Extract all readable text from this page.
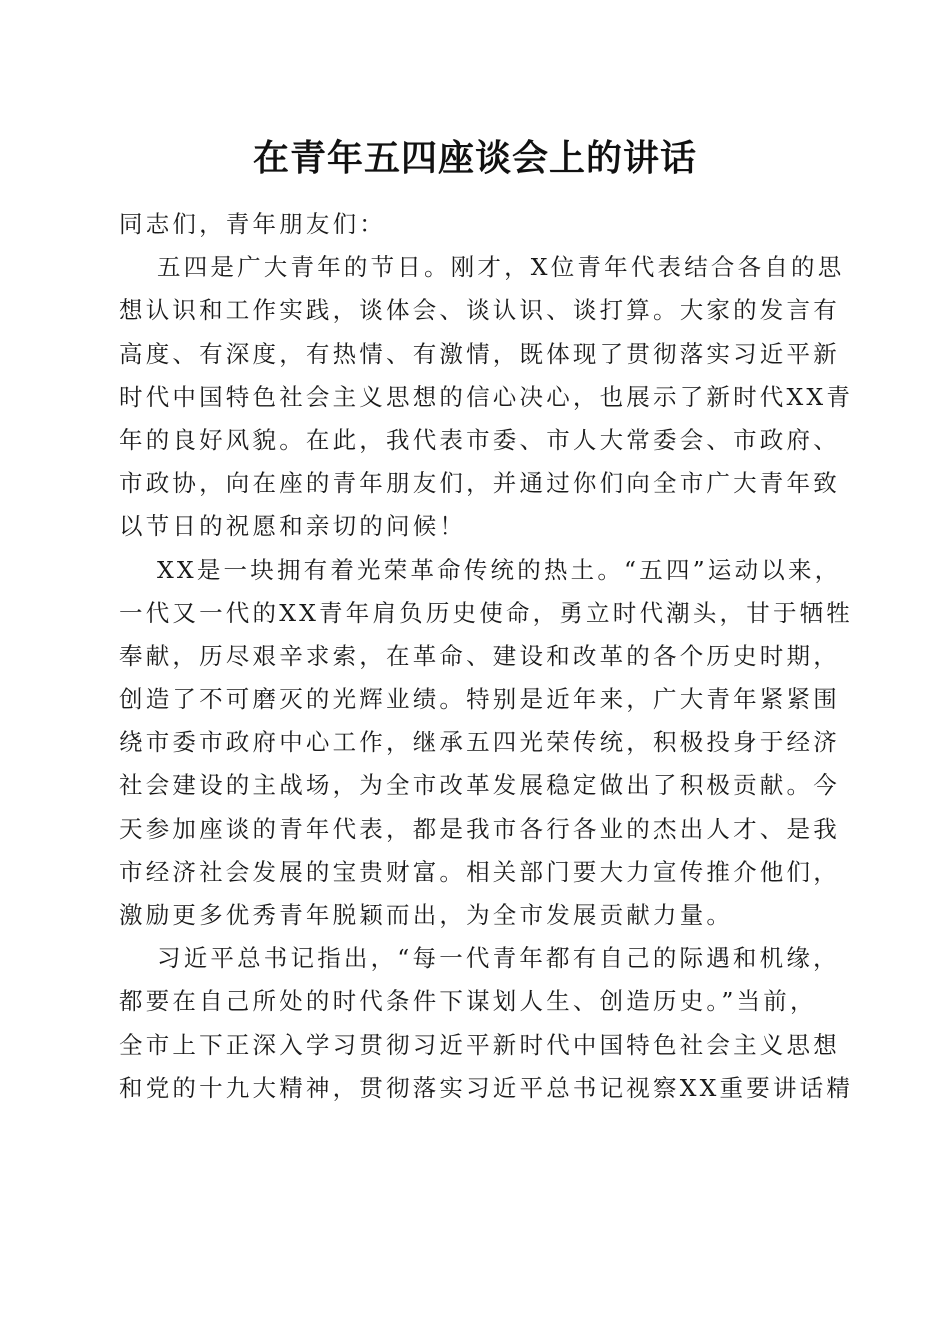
在青年五四座谈会上的讲话
同志们，青年朋友们：
五四是广大青年的节日。刚才，X位青年代表结合各自的思
想认识和工作实践，谈体会、谈认识、谈打算。大家的发言有
高度、有深度，有热情、有激情，既体现了贯彻落实习近平新
时代中国特色社会主义思想的信心决心，也展示了新时代XX青
年的良好风貌。在此，我代表市委、市人大常委会、市政府、
市政协，向在座的青年朋友们，并通过你们向全市广大青年致
以节日的祝愿和亲切的问候！
XX是一块拥有着光荣革命传统的热土。“五四”运动以来，
一代又一代的XX青年肩负历史使命，勇立时代潮头，甘于牺牲
奉献，历尽艰辛求索，在革命、建设和改革的各个历史时期，
创造了不可磨灭的光辉业绩。特别是近年来，广大青年紧紧围
绕市委市政府中心工作，继承五四光荣传统，积极投身于经济
社会建设的主战场，为全市改革发展稳定做出了积极贡献。今
天参加座谈的青年代表，都是我市各行各业的杰出人才、是我
市经济社会发展的宝贵财富。相关部门要大力宣传推介他们，
激励更多优秀青年脱颖而出，为全市发展贡献力量。
习近平总书记指出，“每一代青年都有自己的际遇和机缘，
都要在自己所处的时代条件下谋划人生、创造历史。”当前，
全市上下正深入学习贯彻习近平新时代中国特色社会主义思想
和党的十九大精神，贯彻落实习近平总书记视察XX重要讲话精
